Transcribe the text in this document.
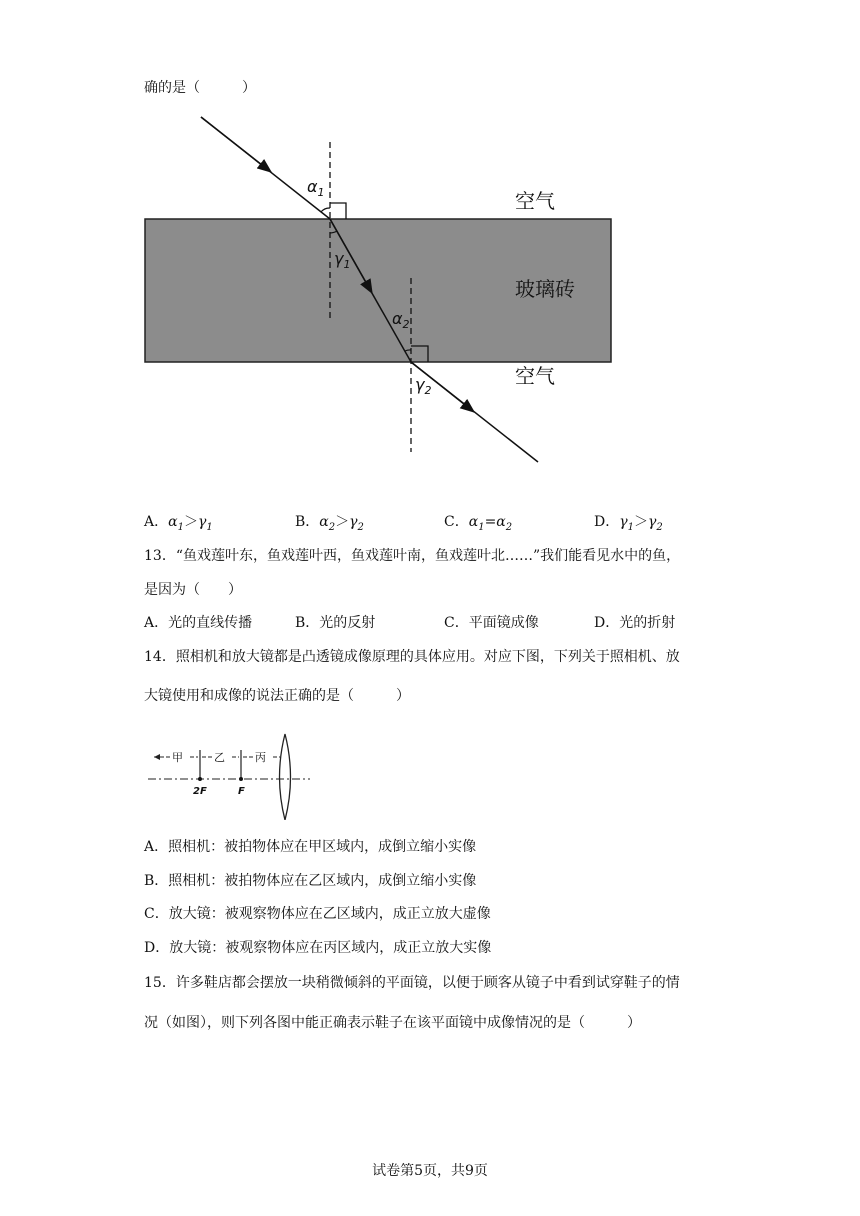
确的是（　　　）
$\alpha_1$
$\gamma_1$
$\alpha_2$
$\gamma_2$
空气
玻璃砖
空气
A．$\alpha_1>\gamma_1$	B．$\alpha_2>\gamma_2$	C．$\alpha_1=\alpha_2$	D．$\gamma_1>\gamma_2$
13．“鱼戏莲叶东，鱼戏莲叶西，鱼戏莲叶南，鱼戏莲叶北……”我们能看见水中的鱼，
是因为（　　）
A．光的直线传播	B．光的反射	C．平面镜成像	D．光的折射
14．照相机和放大镜都是凸透镜成像原理的具体应用。对应下图，下列关于照相机、放
大镜使用和成像的说法正确的是（　　　）
甲	乙	丙
2F	F
A．照相机：被拍物体应在甲区域内，成倒立缩小实像
B．照相机：被拍物体应在乙区域内，成倒立缩小实像
C．放大镜：被观察物体应在乙区域内，成正立放大虚像
D．放大镜：被观察物体应在丙区域内，成正立放大实像
15．许多鞋店都会摆放一块稍微倾斜的平面镜，以便于顾客从镜子中看到试穿鞋子的情
况（如图），则下列各图中能正确表示鞋子在该平面镜中成像情况的是（　　　）
试卷第5页，共9页
